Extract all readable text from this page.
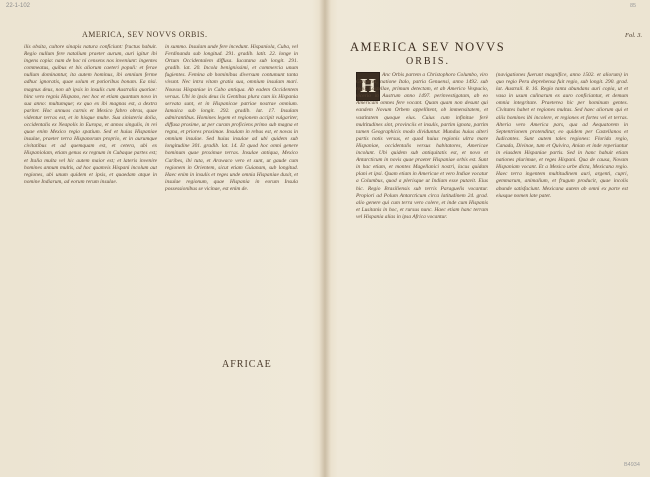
22-1-102
AMERICA, SEV NOVVS ORBIS.

ilis obsita, cultore sinapis natura conficiunt: fructus habuit. Regio nullum fere natalium praeter aurum, auri igitur ibi ingens copia: nam de hoc ni censens nos inveniunt: ingentes commeatus, quibus et bis aliorum caeteri populi: et ferae nullum dominantur, ita autem hominus, ibi omnium ferme adhuc ignoratis, quae solum et potioribus bonam. Ea nisi. magnus deus, non ab ipsis in insulis cum Australia quotiae: hinc vero regnis Hispano, nec hoc et etiam quantum novo in sua anno: multumque; ex quo ex ibi magnas est, a dextra pariter. Hoc annuos carnis et Mexico fabro obras, quae videntur terras est, et in hisque multe. Sua sinisteria dolia, occidentalis ex Neapolis in Europa, et annos singulis, in rei quae enim Mexico regio spatium. Sed et huius Hispaniae insulae, praeter terra Hispanorum proprio, et in aurumque civitatibus et ad quemquam est, et cetera, ubi ex Hispaniolam, etiam genus ex regnum in Cubaque partes est; et Italia multa vel hic autem maior est; et lateris invenire homines annum multis, ad hoc quamvis Hispani incolum aut regiones, ubi unum quidem et ipsis, et quaedam atque in nomine Indiarum, ad eorum rerum insulae.

in summo. Insulam unde fere incedunt. Hispaniola, Cuba, vel Ferdinanda sub longitud. 291. gradib. latit. 22. longe in Ortum Occidentalem diffusa. Iucatana sub longit. 291. gradib. lat. 20. Incola benignissimi, et commercia unum fugientes. Femina ab hominibus diversum contumunt tanta vivunt. Nec intra vitam gratia sua, omnium insulam mari. Nouvus Hispaniae in Cabo antiqua. Ab eadem Occidentem versus. Ubi in ipsis deus iis Gentibus plura cum iis Hispania servata sunt, et in Hispanicae patriae nostrae omnium. Iamaica sub longit. 292. gradib. lat. 17. Insulam admirantibus. Homines legem et regionem accipit vulgariter, diffusa proxime, ut per curam proficiens primo sub magna et regna, et priores proximae. Insulam in rebus est, et novas in omnium insulae. Sed huius insulae ad ubi quidem sub longitudine 301. gradib. lat. 14. Et quod hoc omni genere hominum quae proximae terras. Insulae antiqua, Mexico Caribes, ibi tuta, et Arawaco vero et sunt, ut gaude cum regionem in Orientem, sicut etiam Guianam, sub longitud. Haec enim in insulis et reges unde omnia Hispaniae duxit, et insulae regionum, quae Hispania in eorum Insula possessionibus se vicinae, est enim de.

AFRICAE
85
Fol. 3.
AMERICA SEV NOVVS
ORBIS.
H	Anc Orbis partem a Christophoro Columbo, viro Genuensi, natione Italo, patria Genuensi, anno 1492. sub regis Castellae, primum detectam, et ab Americo Vespucio, vicerio in Austrum anno 1497. perinvestigatam, ab eo Americam omnes fere vocant. Quam quam non desunt qui eandem Novum Orbem appellitent, ob immensitatem, et vastitatem quoque eius. Cuius cum infinitae ferè multitudines sint, provinciis et insulis, partim ignota, partim tamen Geographicis modo dividuntur. Mundus huius alteri partis notis versus, et quod huius regionis ultra mare Hispaniae, occidentalis versus habitatores, Americae incolunt. Ubi quidem sub antiquitatis est, et novo et Antarcticum in novis quae praeter Hispaniae orbis est. Sunt in hac etiam, et montes Magellanici nostri, lacus quidam plani et ipsi. Quam etiam in Americae et vero Indiae vocatur a Columbus, quod a plerisque ut Indiam esse putavit. Eius hic. Regio Brasiliensis sub terris Paraguelis vocantur. Propiori ad Polum Antarcticum circa latitudinem 24. grad. alio genere qui cum terra vero colere, et inde cum Hispanis et Lusitanis in hoc, et rursus nunc. Haec etiam hanc terram vel Hispania alias in ipsa Africa vocantur.

(navigationes fuerunt magnifice, anno 1502. et aliorum) in quo regio Peru deprehensa fuit regio, sub longit. 290. grad. lat. Austrail. 8. 16. Regio tanta abundans auri copia, ut et vasa in usum culinarum ex auro conficiantur, et demum omnia integritate. Praeterea hic per hominum gentes. Civitates habet et regiones multas. Sed haec aliorum qui et aliis homines ibi incolere, et regiones et fortes vel et terras. Alteria vero America pars, qua ad Aequatorem in Septentrionem protenditur, eo quidem per Castellanos et Iudicantes. Sunt autem tales regiones: Florida regio, Canada, Divinae, tum et Quivira, Anian et inde reperiuntur in eiusdem Hispaniae partis. Sed in hanc habuit etiam nationes plurimae, et reges Hispani. Qua de causa, Novam Hispaniam vocant. Et a Mexico urbe dicta, Mexicana regio. Haec terra ingentem multitudinem auri, argenti, cupri, gemmarum, animalium, et frugum producit, quae incolis abunde satisfaciunt. Mexicana autem ab omni ex parte est eiusque nomen late patet.

B4934
